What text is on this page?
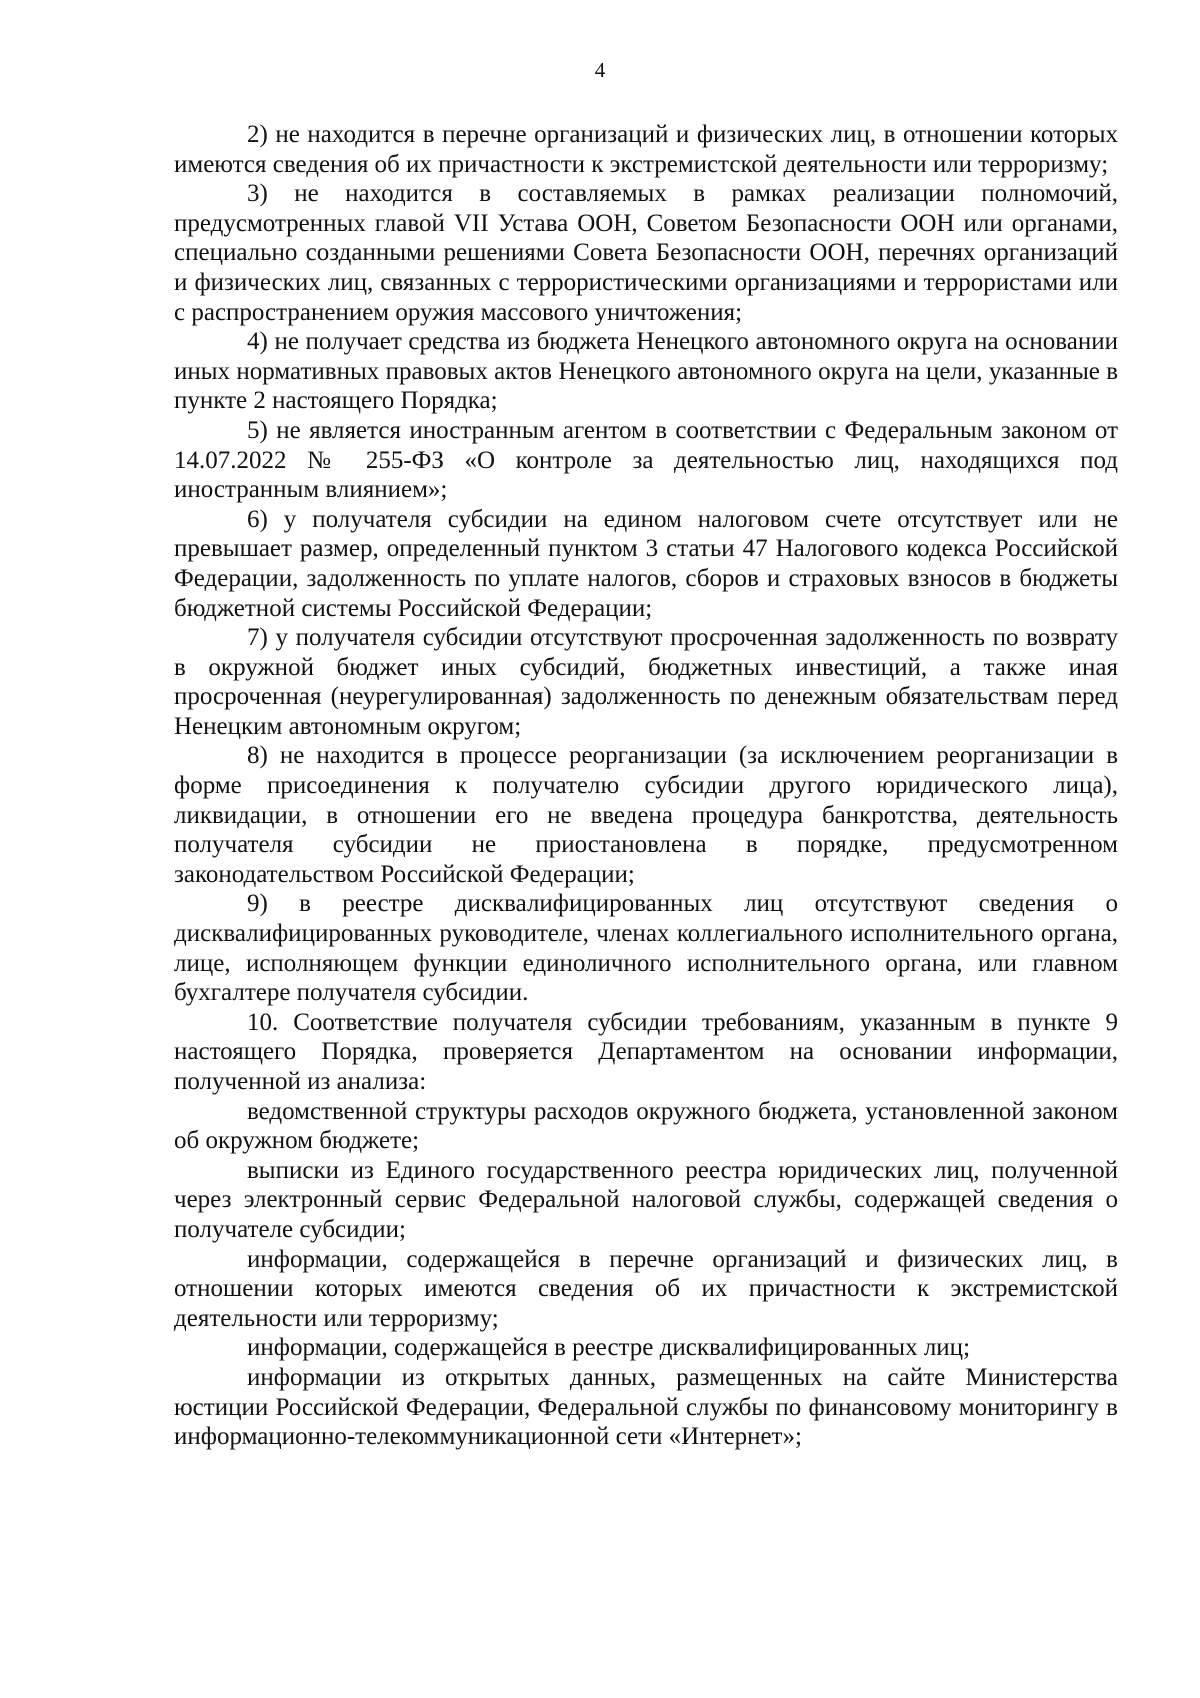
4

2) не находится в перечне организаций и физических лиц, в отношении которых имеются сведения об их причастности к экстремистской деятельности или терроризму;

3) не находится в составляемых в рамках реализации полномочий, предусмотренных главой VII Устава ООН, Советом Безопасности ООН или органами, специально созданными решениями Совета Безопасности ООН, перечнях организаций и физических лиц, связанных с террористическими организациями и террористами или с распространением оружия массового уничтожения;

4) не получает средства из бюджета Ненецкого автономного округа на основании иных нормативных правовых актов Ненецкого автономного округа на цели, указанные в пункте 2 настоящего Порядка;

5) не является иностранным агентом в соответствии с Федеральным законом от 14.07.2022 № 255-ФЗ «О контроле за деятельностью лиц, находящихся под иностранным влиянием»;

6) у получателя субсидии на едином налоговом счете отсутствует или не превышает размер, определенный пунктом 3 статьи 47 Налогового кодекса Российской Федерации, задолженность по уплате налогов, сборов и страховых взносов в бюджеты бюджетной системы Российской Федерации;

7) у получателя субсидии отсутствуют просроченная задолженность по возврату в окружной бюджет иных субсидий, бюджетных инвестиций, а также иная просроченная (неурегулированная) задолженность по денежным обязательствам перед Ненецким автономным округом;

8) не находится в процессе реорганизации (за исключением реорганизации в форме присоединения к получателю субсидии другого юридического лица), ликвидации, в отношении его не введена процедура банкротства, деятельность получателя субсидии не приостановлена в порядке, предусмотренном законодательством Российской Федерации;

9) в реестре дисквалифицированных лиц отсутствуют сведения о дисквалифицированных руководителе, членах коллегиального исполнительного органа, лице, исполняющем функции единоличного исполнительного органа, или главном бухгалтере получателя субсидии.

10. Соответствие получателя субсидии требованиям, указанным в пункте 9 настоящего Порядка, проверяется Департаментом на основании информации, полученной из анализа:

ведомственной структуры расходов окружного бюджета, установленной законом об окружном бюджете;

выписки из Единого государственного реестра юридических лиц, полученной через электронный сервис Федеральной налоговой службы, содержащей сведения о получателе субсидии;

информации, содержащейся в перечне организаций и физических лиц, в отношении которых имеются сведения об их причастности к экстремистской деятельности или терроризму;

информации, содержащейся в реестре дисквалифицированных лиц;

информации из открытых данных, размещенных на сайте Министерства юстиции Российской Федерации, Федеральной службы по финансовому мониторингу в информационно-телекоммуникационной сети «Интернет»;
